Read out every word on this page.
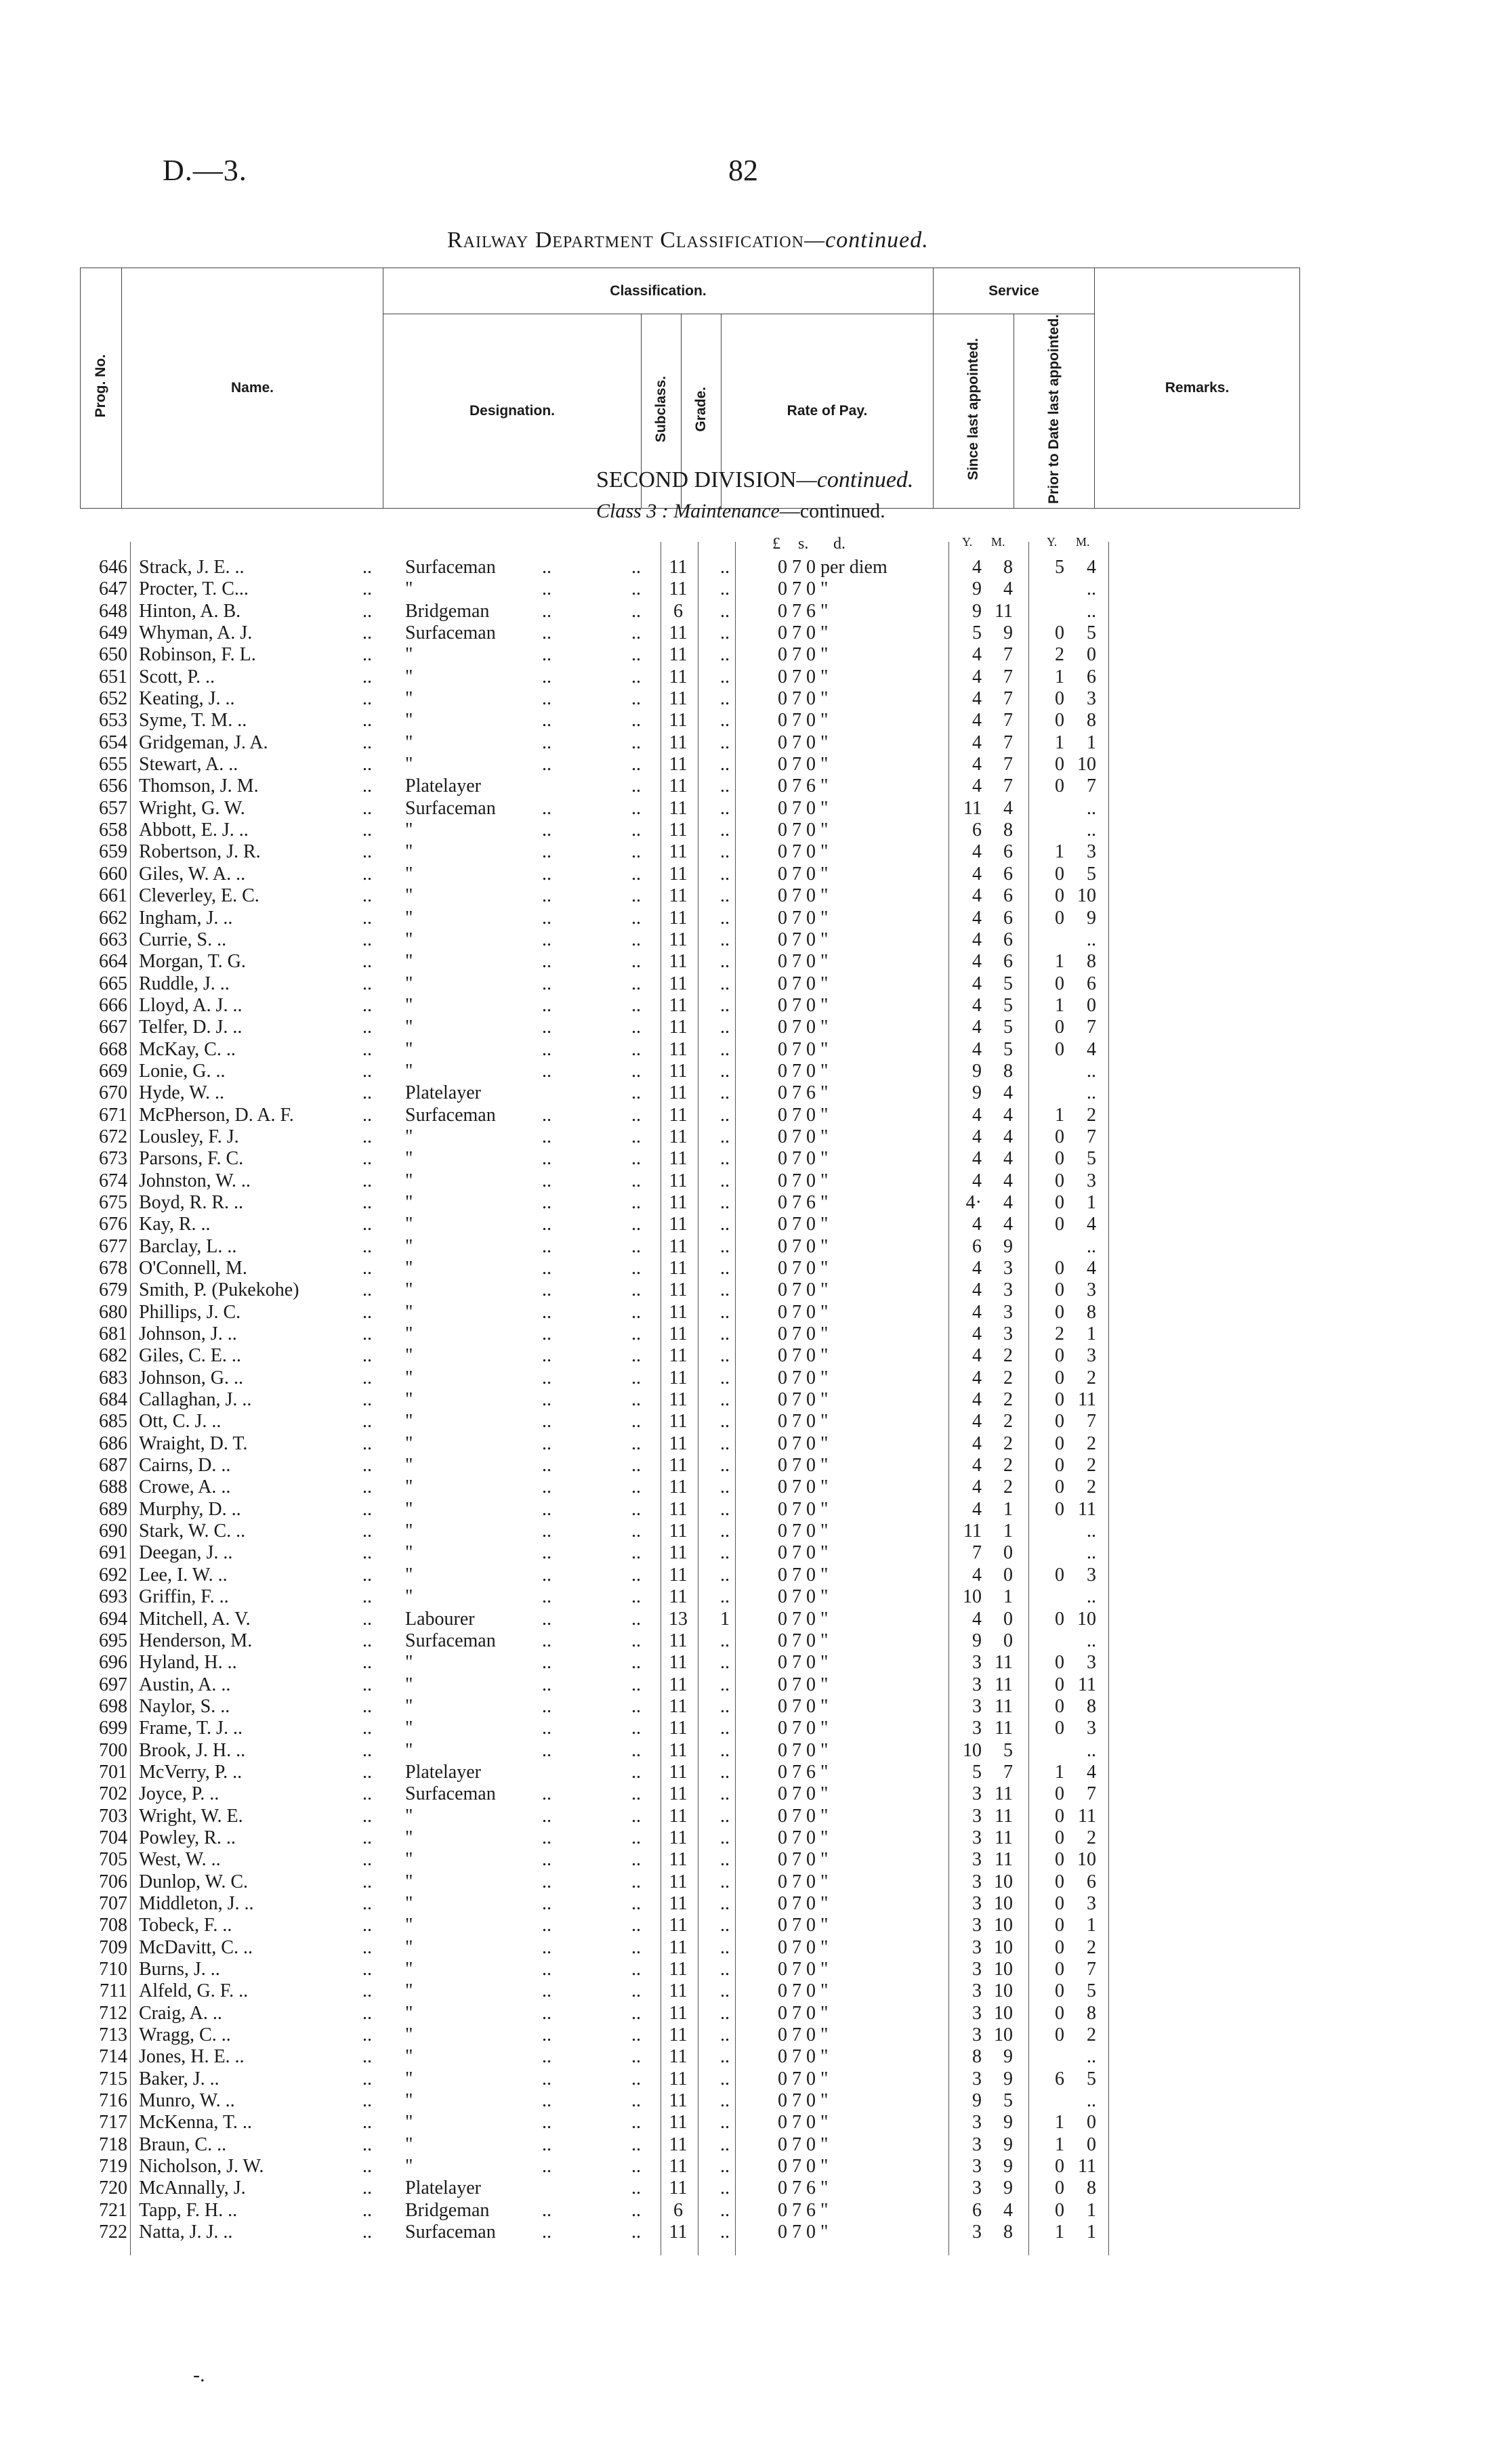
D.—3.	82
Railway Department Classification—continued.
Prog. No.	Name.	Classification.				Service		Remarks.
		Designation.	Subclass.	Grade.	Rate of Pay.	Since last appointed.	Prior to Date last appointed.	
SECOND DIVISION—continued.
Class 3 : Maintenance—continued.
£ s. d.	Y. M.	Y. M.
646 Strack, J. E. ..	.. Surfaceman ..	.. 11	..	0 7 0 per diem	4	8	5	4
647 Procter, T. C...	.. "	..	.. 11	..	0 7 0 "	9	4	..
648 Hinton, A. B.	.. Bridgeman	..	..	6	..	0 7 6 "	9 11	..
649 Whyman, A. J.	.. Surfaceman ..	.. 11	..	0 7 0 "	5	9	0	5
650 Robinson, F. L.	.. "	..	.. 11	..	0 7 0 "	4	7	2	0
651 Scott, P. ..	.. "	..	.. 11	..	0 7 0 "	4	7	1	6
652 Keating, J. ..	.. "	..	.. 11	..	0 7 0 "	4	7	0	3
653 Syme, T. M. ..	.. "	..	.. 11	..	0 7 0 "	4	7	0	8
654 Gridgeman, J. A.	.. "	..	.. 11	..	0 7 0 "	4	7	1	1
655 Stewart, A. ..	.. "	..	.. 11	..	0 7 0 "	4	7	0 10
656 Thomson, J. M.	.. Platelayer	.. 11	..	0 7 6 "	4	7	0	7
657 Wright, G. W.	.. Surfaceman ..	.. 11	..	0 7 0 "	11	4	..
658 Abbott, E. J. ..	.. "	..	.. 11	..	0 7 0 "	6	8	..
659 Robertson, J. R.	.. "	..	.. 11	..	0 7 0 "	4	6	1	3
660 Giles, W. A. ..	.. "	..	.. 11	..	0 7 0 "	4	6	0	5
661 Cleverley, E. C.	.. "	..	.. 11	..	0 7 0 "	4	6	0 10
662 Ingham, J. ..	.. "	..	.. 11	..	0 7 0 "	4	6	0	9
663 Currie, S. ..	.. "	..	.. 11	..	0 7 0 "	4	6	..
664 Morgan, T. G.	.. "	..	.. 11	..	0 7 0 "	4	6	1	8
665 Ruddle, J. ..	.. "	..	.. 11	..	0 7 0 "	4	5	0	6
666 Lloyd, A. J. ..	.. "	..	.. 11	..	0 7 0 "	4	5	1	0
667 Telfer, D. J. ..	.. "	..	.. 11	..	0 7 0 "	4	5	0	7
668 McKay, C. ..	.. "	..	.. 11	..	0 7 0 "	4	5	0	4
669 Lonie, G. ..	.. "	..	.. 11	..	0 7 0 "	9	8	..
670 Hyde, W. ..	.. Platelayer	.. 11	..	0 7 6 "	9	4	..
671 McPherson, D. A. F.	.. Surfaceman ..	.. 11	..	0 7 0 "	4	4	1	2
672 Lousley, F. J.	.. "	..	.. 11	..	0 7 0 "	4	4	0	7
673 Parsons, F. C.	.. "	..	.. 11	..	0 7 0 "	4	4	0	5
674 Johnston, W. ..	.. "	..	.. 11	..	0 7 0 "	4	4	0	3
675 Boyd, R. R. ..	.. "	..	.. 11	..	0 7 6 "	4·	4	0	1
676 Kay, R. ..	.. "	..	.. 11	..	0 7 0 "	4	4	0	4
677 Barclay, L. ..	.. "	..	.. 11	..	0 7 0 "	6	9	..
678 O'Connell, M.	.. "	..	.. 11	..	0 7 0 "	4	3	0	4
679 Smith, P. (Pukekohe)	.. "	..	.. 11	..	0 7 0 "	4	3	0	3
680 Phillips, J. C.	.. "	..	.. 11	..	0 7 0 "	4	3	0	8
681 Johnson, J. ..	.. "	..	.. 11	..	0 7 0 "	4	3	2	1
682 Giles, C. E. ..	.. "	..	.. 11	..	0 7 0 "	4	2	0	3
683 Johnson, G. ..	.. "	..	.. 11	..	0 7 0 "	4	2	0	2
684 Callaghan, J. ..	.. "	..	.. 11	..	0 7 0 "	4	2	0 11
685 Ott, C. J. ..	.. "	..	.. 11	..	0 7 0 "	4	2	0	7
686 Wraight, D. T.	.. "	..	.. 11	..	0 7 0 "	4	2	0	2
687 Cairns, D. ..	.. "	..	.. 11	..	0 7 0 "	4	2	0	2
688 Crowe, A. ..	.. "	..	.. 11	..	0 7 0 "	4	2	0	2
689 Murphy, D. ..	.. "	..	.. 11	..	0 7 0 "	4	1	0 11
690 Stark, W. C. ..	.. "	..	.. 11	..	0 7 0 "	11	1	..
691 Deegan, J. ..	.. "	..	.. 11	..	0 7 0 "	7	0	..
692 Lee, I. W. ..	.. "	..	.. 11	..	0 7 0 "	4	0	0	3
693 Griffin, F. ..	.. "	..	.. 11	..	0 7 0 "	10	1	..
694 Mitchell, A. V.	.. Labourer	..	.. 13	1	0 7 0 "	4	0	0 10
695 Henderson, M.	.. Surfaceman ..	.. 11	..	0 7 0 "	9	0	..
696 Hyland, H. ..	.. "	..	.. 11	..	0 7 0 "	3 11	0	3
697 Austin, A. ..	.. "	..	.. 11	..	0 7 0 "	3 11	0 11
698 Naylor, S. ..	.. "	..	.. 11	..	0 7 0 "	3 11	0	8
699 Frame, T. J. ..	.. "	..	.. 11	..	0 7 0 "	3 11	0	3
700 Brook, J. H. ..	.. "	..	.. 11	..	0 7 0 "	10	5	..
701 McVerry, P. ..	.. Platelayer	.. 11	..	0 7 6 "	5	7	1	4
702 Joyce, P. ..	.. Surfaceman ..	.. 11	..	0 7 0 "	3 11	0	7
703 Wright, W. E.	.. "	..	.. 11	..	0 7 0 "	3 11	0 11
704 Powley, R. ..	.. "	..	.. 11	..	0 7 0 "	3 11	0	2
705 West, W. ..	.. "	..	.. 11	..	0 7 0 "	3 11	0 10
706 Dunlop, W. C.	.. "	..	.. 11	..	0 7 0 "	3 10	0	6
707 Middleton, J. ..	.. "	..	.. 11	..	0 7 0 "	3 10	0	3
708 Tobeck, F. ..	.. "	..	.. 11	..	0 7 0 "	3 10	0	1
709 McDavitt, C. ..	.. "	..	.. 11	..	0 7 0 "	3 10	0	2
710 Burns, J. ..	.. "	..	.. 11	..	0 7 0 "	3 10	0	7
711 Alfeld, G. F. ..	.. "	..	.. 11	..	0 7 0 "	3 10	0	5
712 Craig, A. ..	.. "	..	.. 11	..	0 7 0 "	3 10	0	8
713 Wragg, C. ..	.. "	..	.. 11	..	0 7 0 "	3 10	0	2
714 Jones, H. E. ..	.. "	..	.. 11	..	0 7 0 "	8	9	..
715 Baker, J. ..	.. "	..	.. 11	..	0 7 0 "	3	9	6	5
716 Munro, W. ..	.. "	..	.. 11	..	0 7 0 "	9	5	..
717 McKenna, T. ..	.. "	..	.. 11	..	0 7 0 "	3	9	1	0
718 Braun, C. ..	.. "	..	.. 11	..	0 7 0 "	3	9	1	0
719 Nicholson, J. W.	.. "	..	.. 11	..	0 7 0 "	3	9	0 11
720 McAnnally, J.	.. Platelayer	.. 11	..	0 7 6 "	3	9	0	8
721 Tapp, F. H. ..	.. Bridgeman	..	..	6	..	0 7 6 "	6	4	0	1
722 Natta, J. J. ..	.. Surfaceman ..	.. 11	..	0 7 0 "	3	8	1	1
-.
